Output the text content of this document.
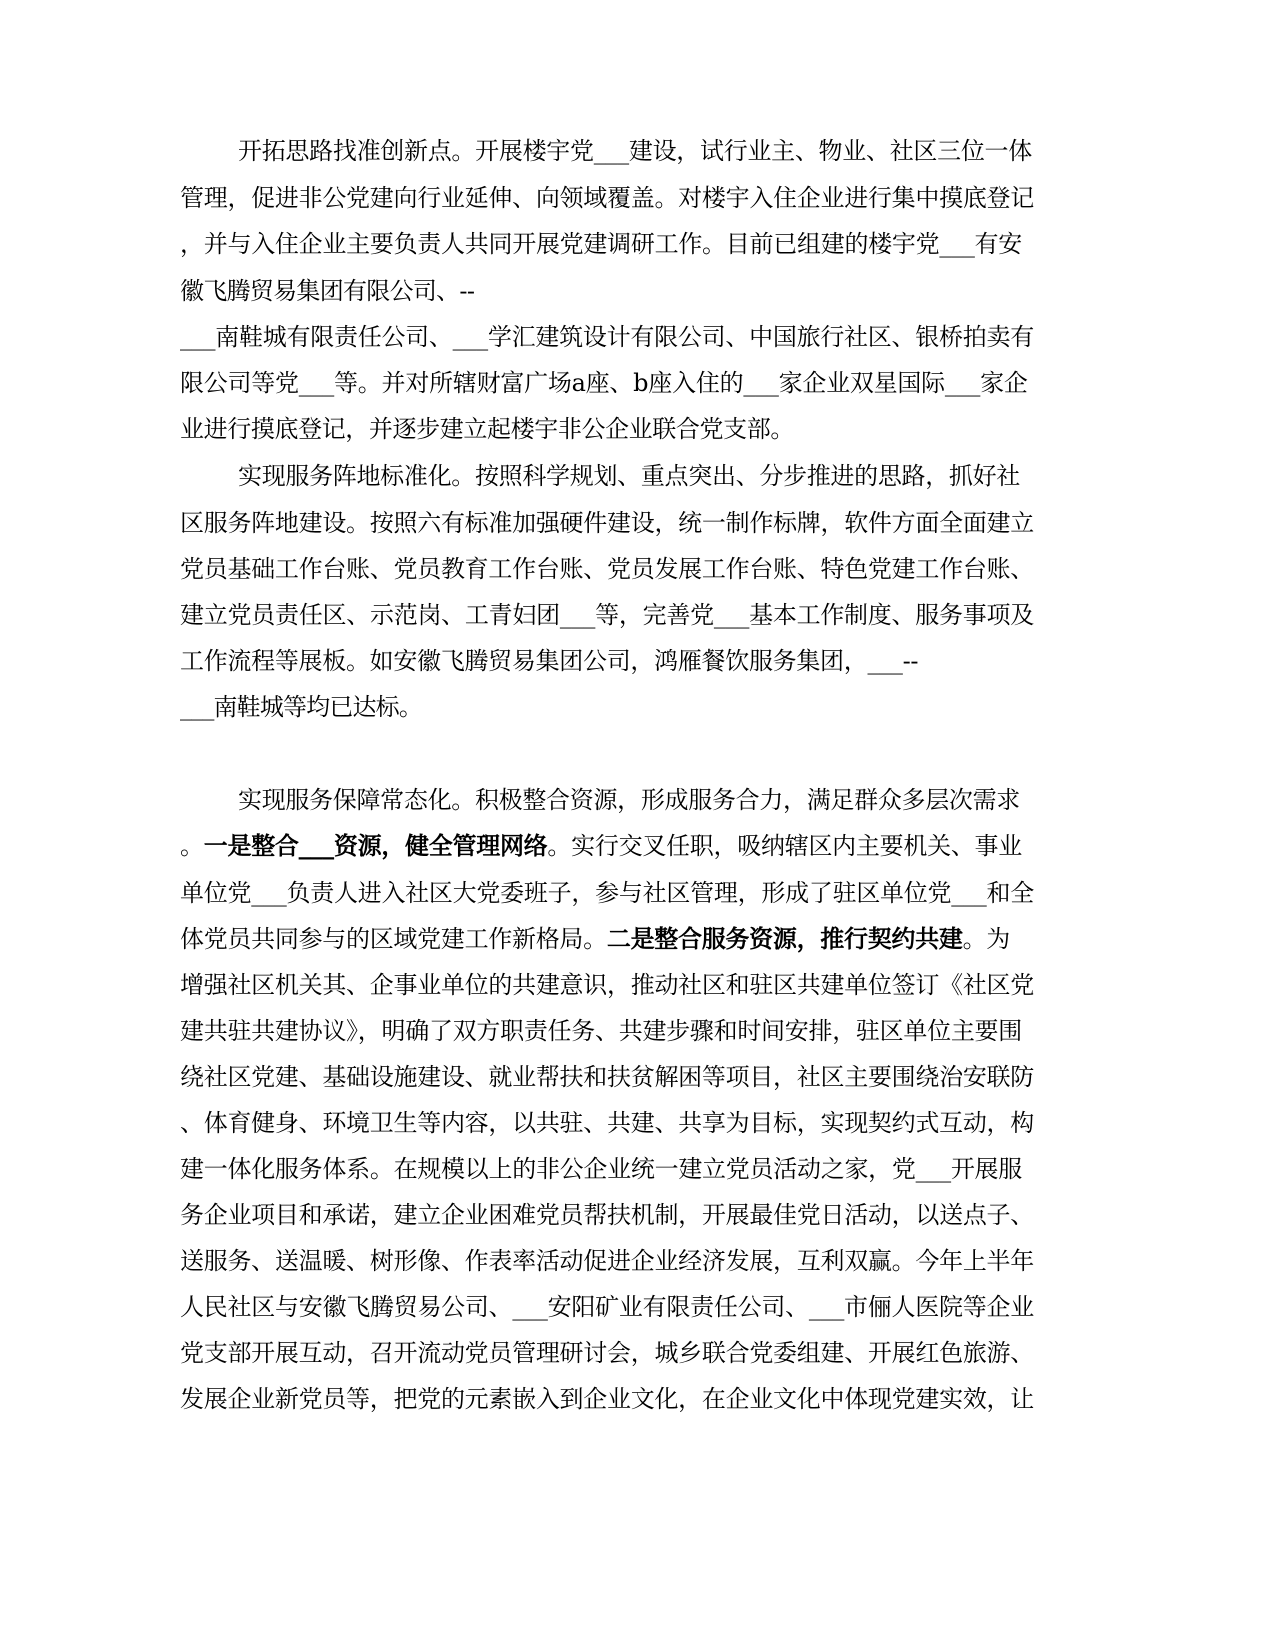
开拓思路找准创新点。开展楼宇党___建设，试行业主、物业、社区三位一体
管理，促进非公党建向行业延伸、向领域覆盖。对楼宇入住企业进行集中摸底登记
，并与入住企业主要负责人共同开展党建调研工作。目前已组建的楼宇党___有安
徽飞腾贸易集团有限公司、--
___南鞋城有限责任公司、___学汇建筑设计有限公司、中国旅行社区、银桥拍卖有
限公司等党___等。并对所辖财富广场a座、b座入住的___家企业双星国际___家企
业进行摸底登记，并逐步建立起楼宇非公企业联合党支部。
实现服务阵地标准化。按照科学规划、重点突出、分步推进的思路，抓好社
区服务阵地建设。按照六有标准加强硬件建设，统一制作标牌，软件方面全面建立
党员基础工作台账、党员教育工作台账、党员发展工作台账、特色党建工作台账、
建立党员责任区、示范岗、工青妇团___等，完善党___基本工作制度、服务事项及
工作流程等展板。如安徽飞腾贸易集团公司，鸿雁餐饮服务集团，___--
___南鞋城等均已达标。
实现服务保障常态化。积极整合资源，形成服务合力，满足群众多层次需求
。一是整合___资源，健全管理网络。实行交叉任职，吸纳辖区内主要机关、事业
单位党___负责人进入社区大党委班子，参与社区管理，形成了驻区单位党___和全
体党员共同参与的区域党建工作新格局。二是整合服务资源，推行契约共建。为
增强社区机关其、企事业单位的共建意识，推动社区和驻区共建单位签订《社区党
建共驻共建协议》，明确了双方职责任务、共建步骤和时间安排，驻区单位主要围
绕社区党建、基础设施建设、就业帮扶和扶贫解困等项目，社区主要围绕治安联防
、体育健身、环境卫生等内容，以共驻、共建、共享为目标，实现契约式互动，构
建一体化服务体系。在规模以上的非公企业统一建立党员活动之家，党___开展服
务企业项目和承诺，建立企业困难党员帮扶机制，开展最佳党日活动，以送点子、
送服务、送温暖、树形像、作表率活动促进企业经济发展，互利双赢。今年上半年
人民社区与安徽飞腾贸易公司、___安阳矿业有限责任公司、___市俪人医院等企业
党支部开展互动，召开流动党员管理研讨会，城乡联合党委组建、开展红色旅游、
发展企业新党员等，把党的元素嵌入到企业文化，在企业文化中体现党建实效，让
